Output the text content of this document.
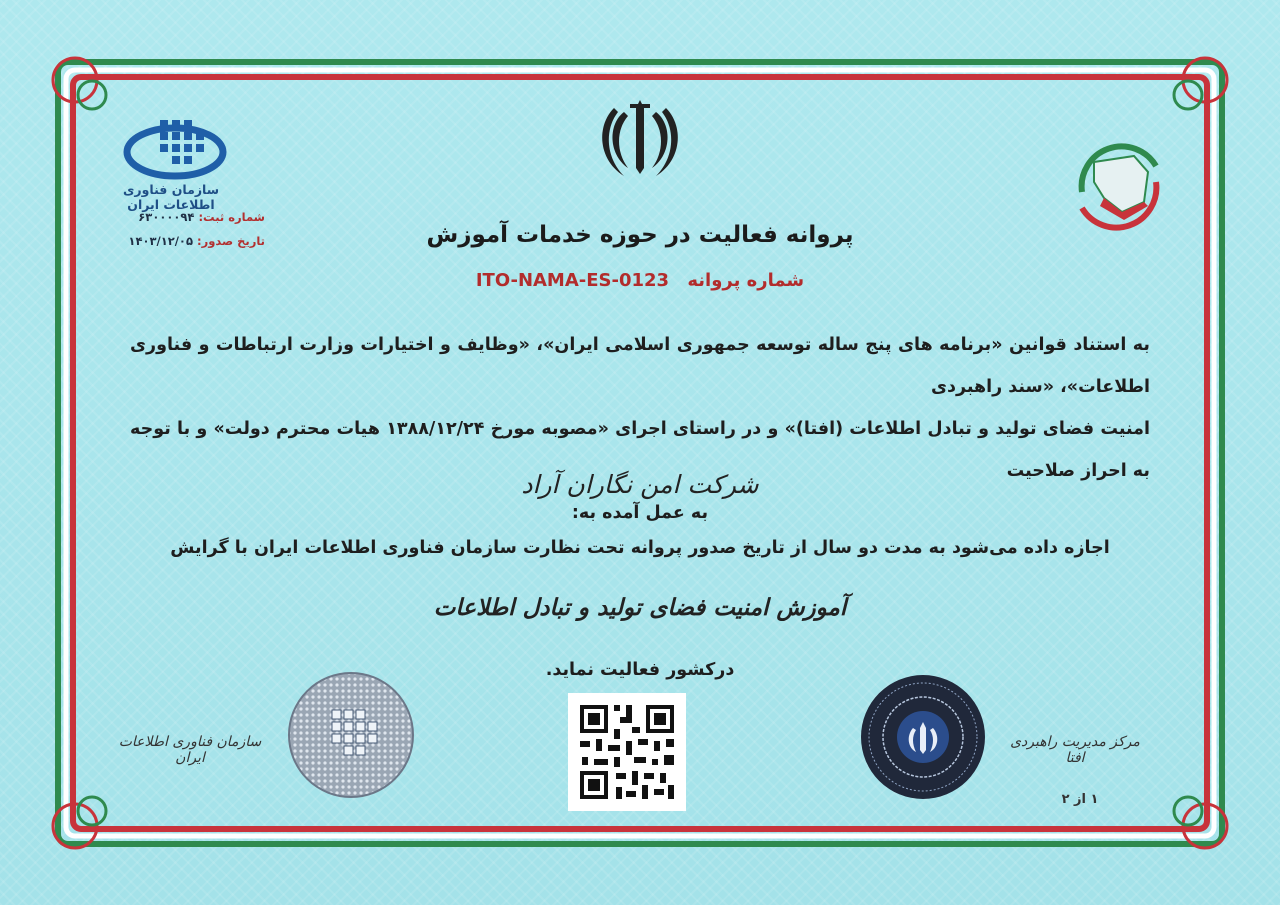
سازمان فناوری اطلاعات ایران
شماره ثبت: ۶۳۰۰۰۰۹۴
تاریخ صدور: ۱۴۰۳/۱۲/۰۵	پروانه فعالیت در حوزه خدمات آموزش
شماره پروانه ITO-NAMA-ES-0123
به استناد قوانین «برنامه های پنج ساله توسعه جمهوری اسلامی ایران»، «وظایف و اختیارات وزارت ارتباطات و فناوری اطلاعات»، «سند راهبردی
امنیت فضای تولید و تبادل اطلاعات (افتا)» و در راستای اجرای «مصوبه مورخ ۱۳۸۸/۱۲/۲۴ هیات محترم دولت» و با توجه به احراز صلاحیت
به عمل آمده به:
شرکت امن نگاران آراد
اجازه داده می‌شود به مدت دو سال از تاریخ صدور پروانه تحت نظارت سازمان فناوری اطلاعات ایران با گرایش
آموزش امنیت فضای تولید و تبادل اطلاعات
درکشور فعالیت نماید.
سازمان فناوری اطلاعات ایران
مرکز مدیریت راهبردی افتا
۱ از ۲
